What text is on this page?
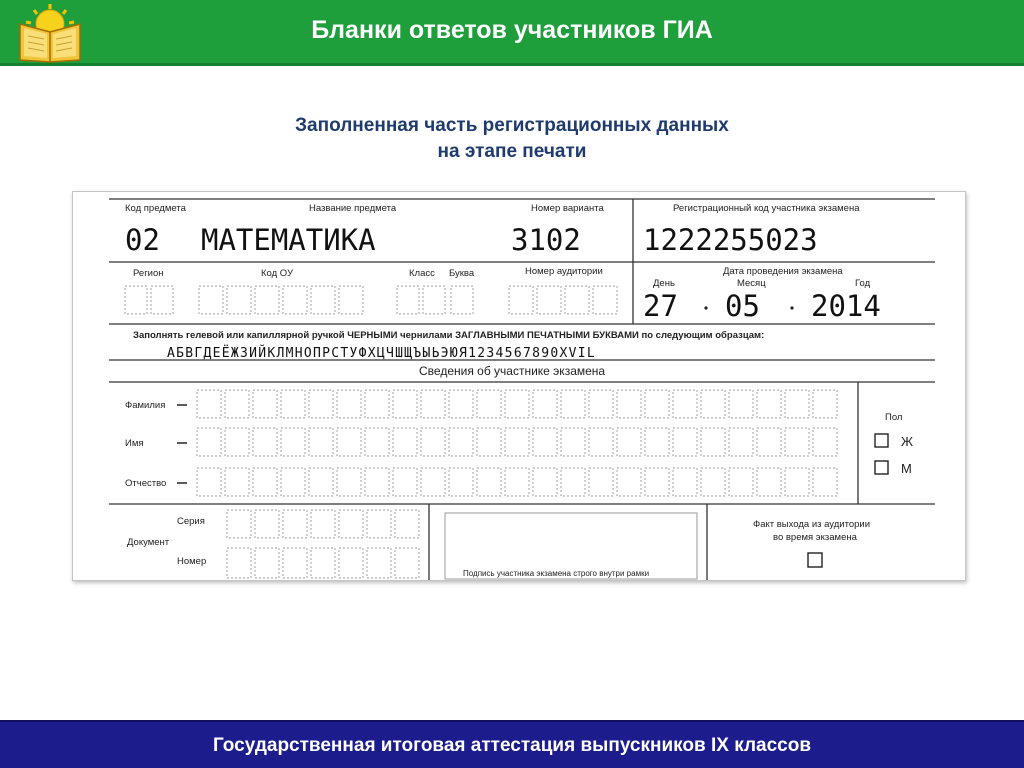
Бланки ответов участников ГИА
Заполненная часть регистрационных данных
на этапе печати
Код предмета	Название предмета	Номер варианта	Регистрационный код участника экзамена
02 МАТЕМАТИКА	3102 1222255023
Регион	Код ОУ	Класс Буква	Номер аудитории	Дата проведения экзамена
День	Месяц	Год
27 05 2014
Заполнять гелевой или капиллярной ручкой ЧЕРНЫМИ чернилами ЗАГЛАВНЫМИ ПЕЧАТНЫМИ БУКВАМИ по следующим образцам:
АБВГДЕЁЖЗИЙКЛМНОПРСТУФХЦЧШЩЪЫЬЭЮЯ1234567890XVIL
Сведения об участнике экзамена
Фамилия
Имя
Отчество
Пол
Ж
М
Серия
Документ
Номер
Подпись участника экзамена строго внутри рамки
Факт выхода из аудитории
во время экзамена
Государственная итоговая аттестация выпускников IX классов
